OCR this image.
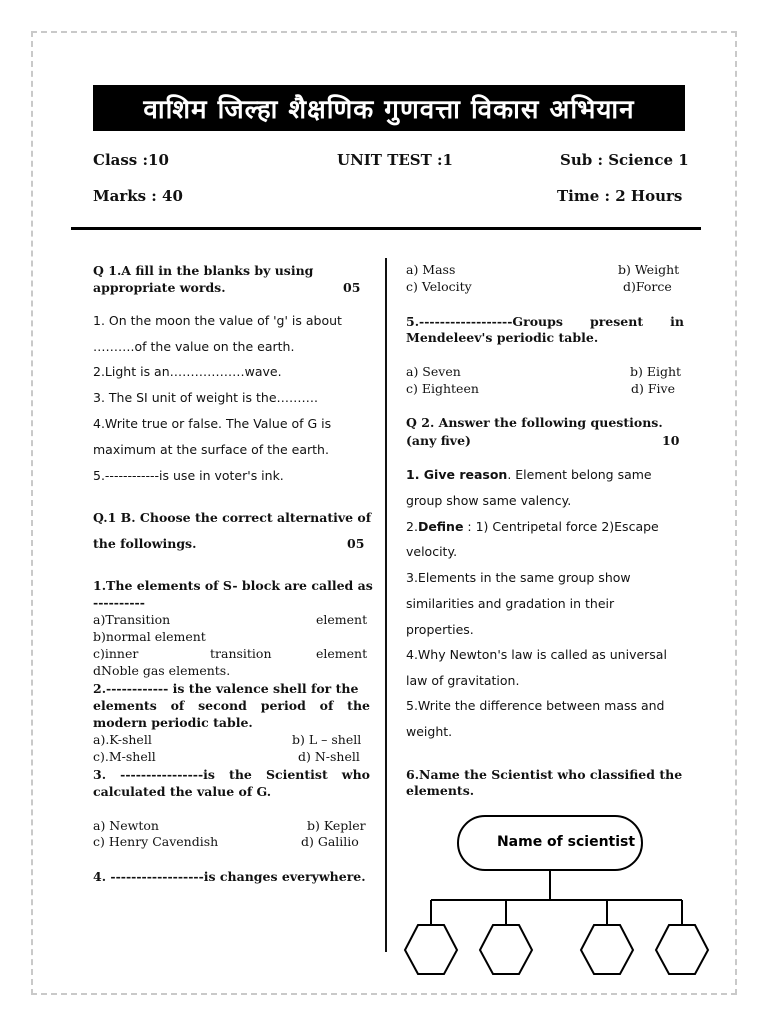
वाशिम जिल्हा शैक्षणिक गुणवत्ता विकास अभियान
Class :10	UNIT TEST :1	Sub : Science 1
Marks : 40	Time : 2 Hours
Q 1.A fill in the blanks by using
appropriate words.	05
1. On the moon the value of 'g' is about
……….of the value on the earth.
2.Light is an………………wave.
3. The SI unit of weight is the……….
4.Write true or false. The Value of G is
maximum at the surface of the earth.
5.------------is use in voter's ink.
Q.1 B. Choose the correct alternative of
the followings.	05
1.The elements of S- block are called as
----------
a)Transition	element
b)normal element
c)inner	transition	element
dNoble gas elements.
2.------------ is the valence shell for the
elements of second period of the
modern periodic table.
a).K-shell	b) L – shell
c).M-shell	d) N-shell
3. ----------------is the Scientist who
calculated the value of G.
a) Newton	b) Kepler
c) Henry Cavendish	d) Galilio
4. ------------------is changes everywhere.
a) Mass	b) Weight
c) Velocity	d)Force
5.------------------Groups present in
Mendeleev's periodic table.
a) Seven	b) Eight
c) Eighteen	d) Five
Q 2. Answer the following questions.
(any five)	10
1. Give reason. Element belong same
group show same valency.
2.Define : 1) Centripetal force 2)Escape
velocity.
3.Elements in the same group show
similarities and gradation in their
properties.
4.Why Newton's law is called as universal
law of gravitation.
5.Write the difference between mass and
weight.
6.Name the Scientist who classified the
elements.
Name of scientist
